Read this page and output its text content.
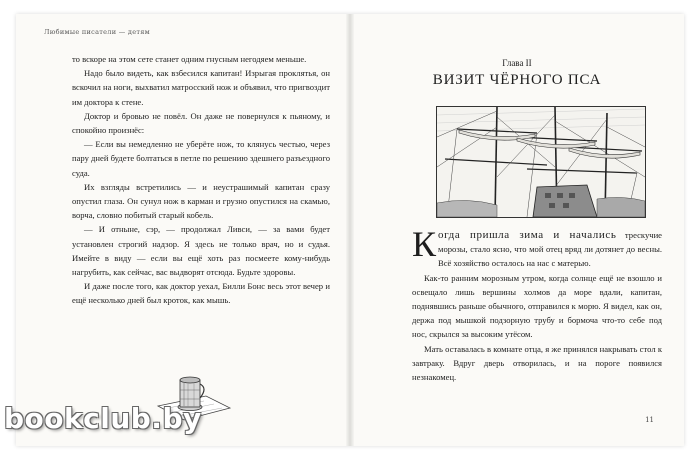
Любимые писатели — детям

то вскоре на этом сете станет одним гнусным негодяем меньше.

Надо было видеть, как взбесился капитан! Изрыгая проклятья, он вскочил на ноги, выхватил матросский нож и объявил, что пригвоздит им доктора к стене.

Доктор и бровью не повёл. Он даже не повернулся к пьяному, и спокойно произнёс:

— Если вы немедленно не уберёте нож, то клянусь честью, через пару дней будете болтаться в петле по решению здешнего разъездного суда.

Их взгляды встретились — и неустрашимый капитан сразу опустил глаза. Он сунул нож в карман и грузно опустился на скамью, ворча, словно побитый старый кобель.

— И отныне, сэр, — продолжал Ливси, — за вами будет установлен строгий надзор. Я здесь не только врач, но и судья. Имейте в виду — если вы ещё хоть раз посмеете кому-нибудь нагрубить, как сейчас, вас выдворят отсюда. Будьте здоровы.

И даже после того, как доктор уехал, Билли Бонс весь этот вечер и ещё несколько дней был кроток, как мышь.

Глава II
ВИЗИТ ЧЁРНОГО ПСА

Когда пришла зима и начались трескучие морозы, стало ясно, что мой отец вряд ли дотянет до весны. Всё хозяйство осталось на нас с матерью.

Как-то ранним морозным утром, когда солнце ещё не взошло и освещало лишь вершины холмов да море вдали, капитан, поднявшись раньше обычного, отправился к морю. Я видел, как он, держа под мышкой подзорную трубу и бормоча что-то себе под нос, скрылся за высоким утёсом.

Мать оставалась в комнате отца, я же принялся накрывать стол к завтраку. Вдруг дверь отворилась, и на пороге появился незнакомец.

11
bookclub.by
